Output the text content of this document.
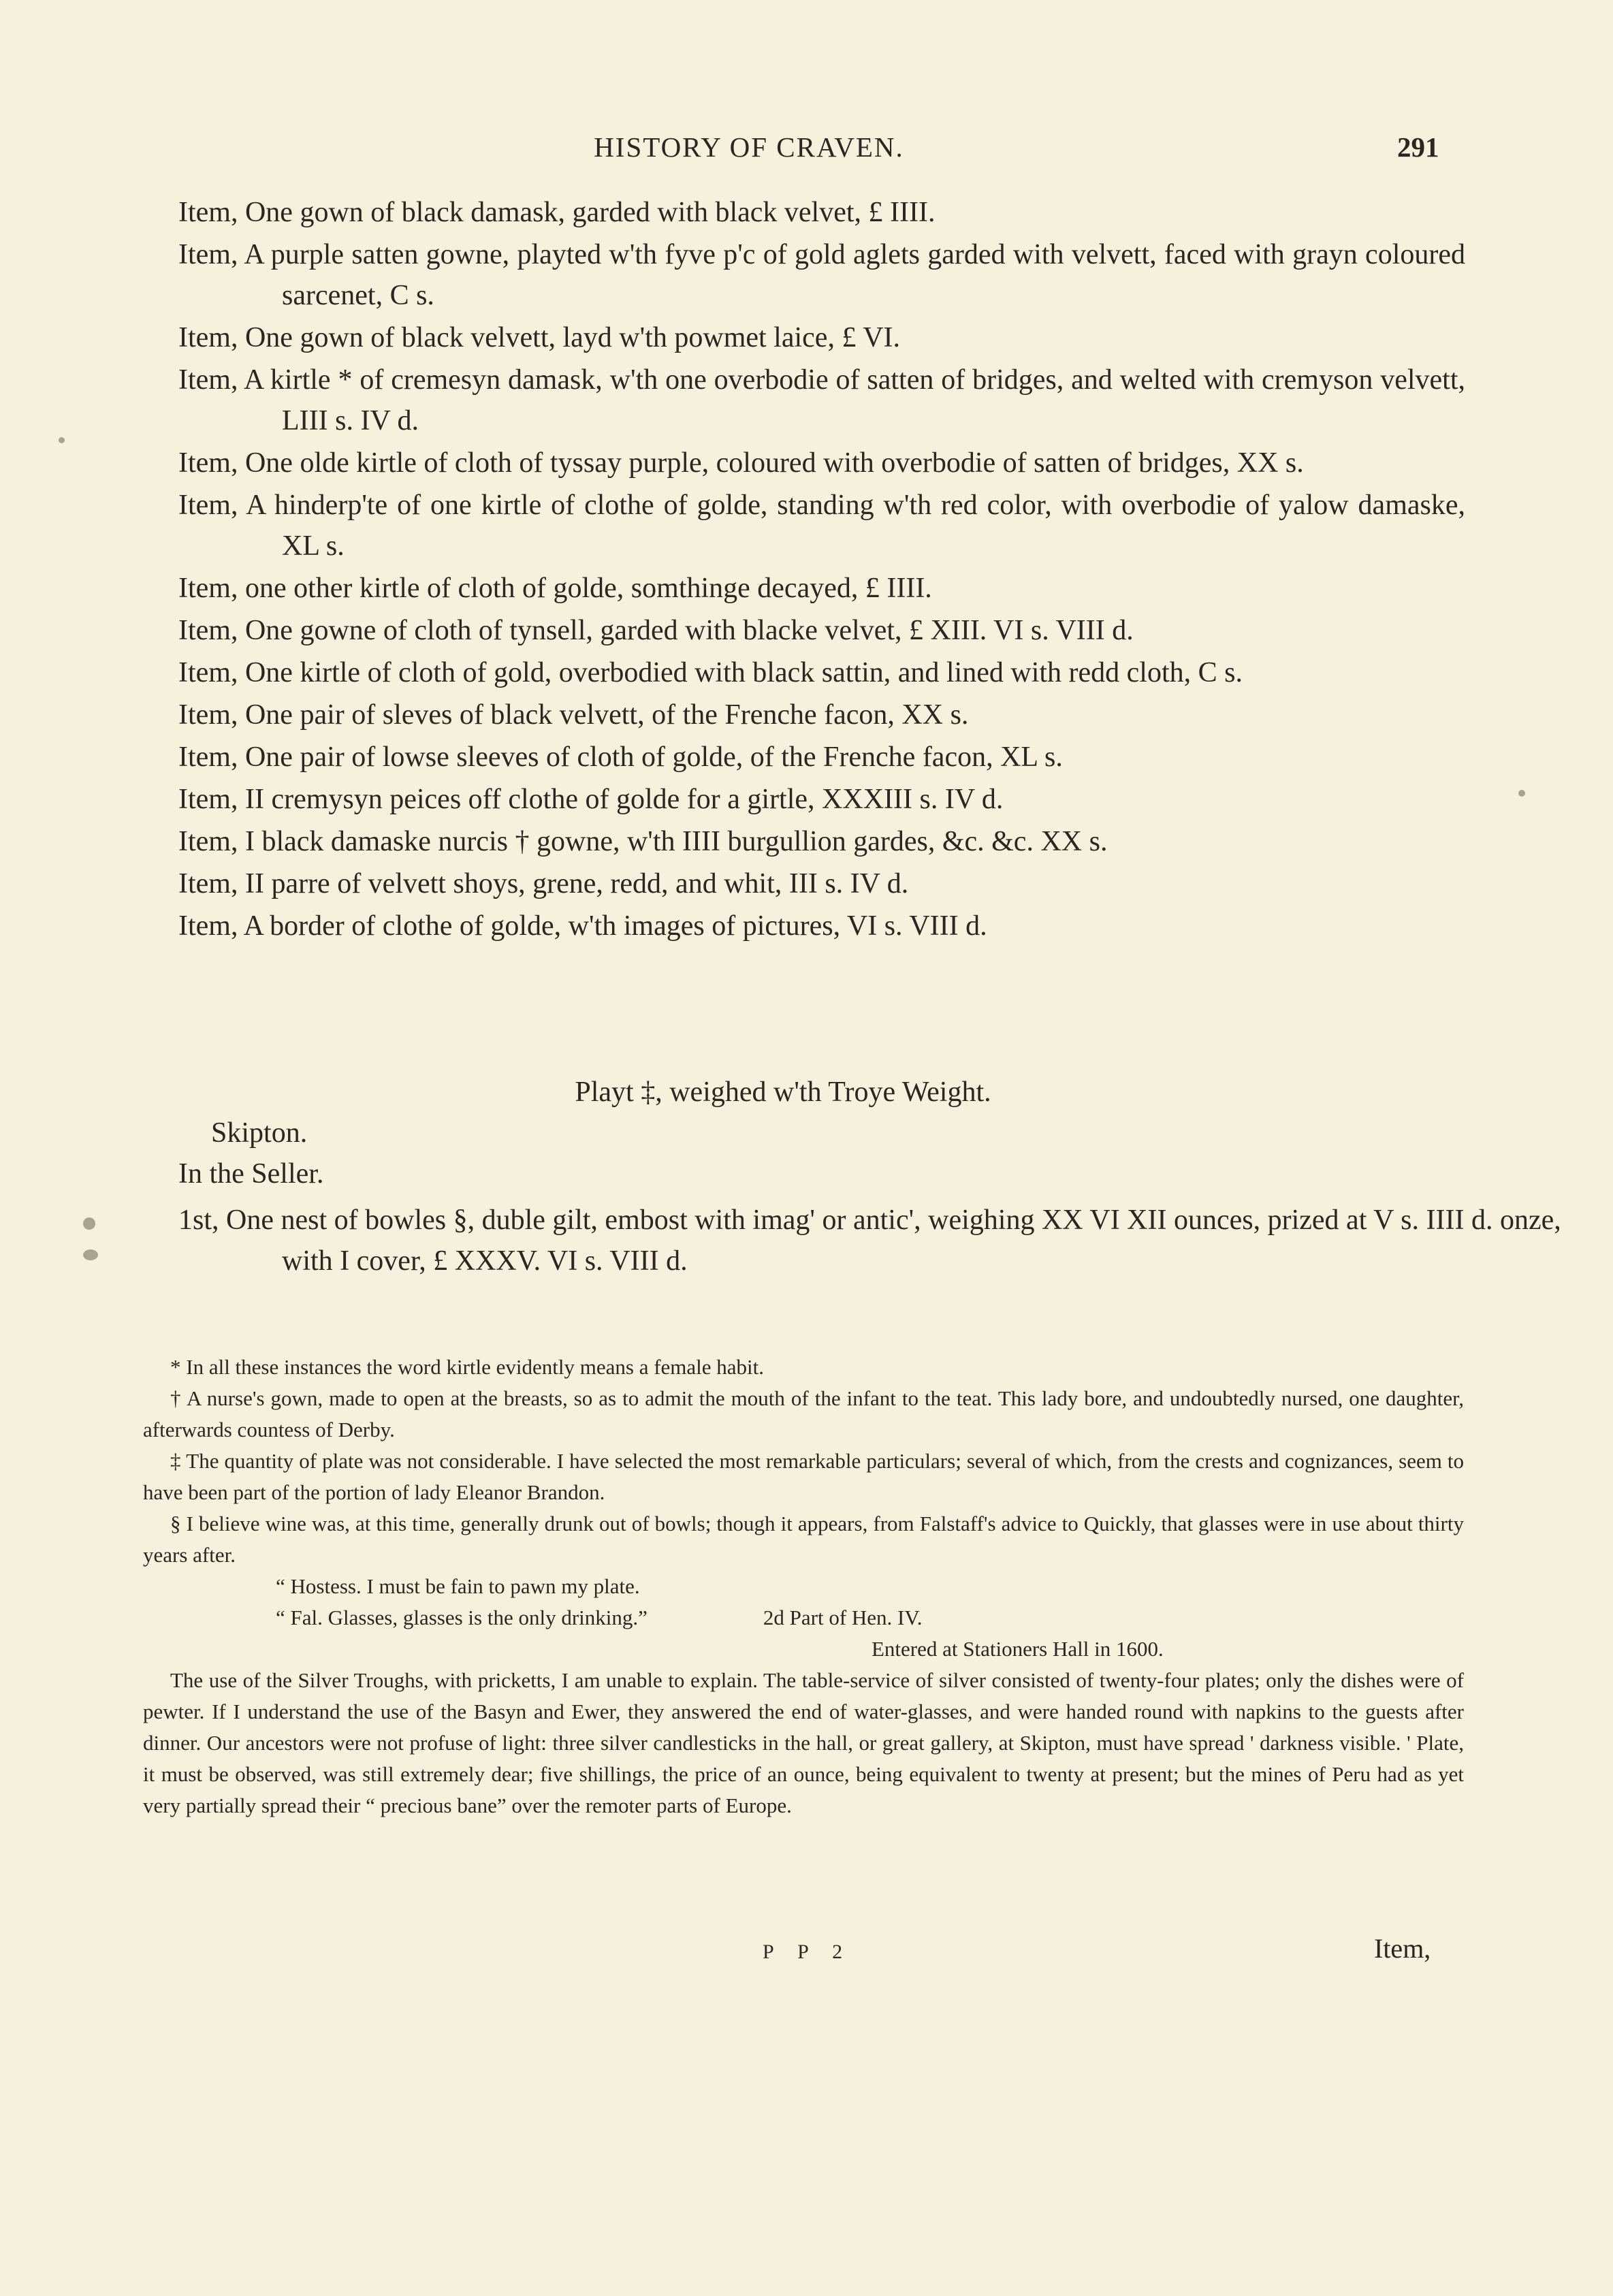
HISTORY OF CRAVEN.	291
Item, One gown of black damask, garded with black velvet, £ IIII.
Item, A purple satten gowne, playted w'th fyve p'c of gold aglets garded with velvett, faced with grayn coloured sarcenet, C s.
Item, One gown of black velvett, layd w'th powmet laice, £ VI.
Item, A kirtle * of cremesyn damask, w'th one overbodie of satten of bridges, and welted with cremyson velvett, LIII s. IV d.
Item, One olde kirtle of cloth of tyssay purple, coloured with overbodie of satten of bridges, XX s.
Item, A hinderp'te of one kirtle of clothe of golde, standing w'th red color, with overbodie of yalow damaske, XL s.
Item, one other kirtle of cloth of golde, somthinge decayed, £ IIII.
Item, One gowne of cloth of tynsell, garded with blacke velvet, £ XIII. VI s. VIII d.
Item, One kirtle of cloth of gold, overbodied with black sattin, and lined with redd cloth, C s.
Item, One pair of sleves of black velvett, of the Frenche facon, XX s.
Item, One pair of lowse sleeves of cloth of golde, of the Frenche facon, XL s.
Item, II cremysyn peices off clothe of golde for a girtle, XXXIII s. IV d.
Item, I black damaske nurcis † gowne, w'th IIII burgullion gardes, &c. &c. XX s.
Item, II parre of velvett shoys, grene, redd, and whit, III s. IV d.
Item, A border of clothe of golde, w'th images of pictures, VI s. VIII d.
Playt ‡, weighed w'th Troye Weight.
Skipton.
In the Seller.
1st, One nest of bowles §, duble gilt, embost with imag' or antic', weighing XX VI XII ounces, prized at V s. IIII d. onze, with I cover, £ XXXV. VI s. VIII d.
* In all these instances the word kirtle evidently means a female habit.
† A nurse's gown, made to open at the breasts, so as to admit the mouth of the infant to the teat. This lady bore, and undoubtedly nursed, one daughter, afterwards countess of Derby.
‡ The quantity of plate was not considerable. I have selected the most remarkable particulars; several of which, from the crests and cognizances, seem to have been part of the portion of lady Eleanor Brandon.
§ I believe wine was, at this time, generally drunk out of bowls; though it appears, from Falstaff's advice to Quickly, that glasses were in use about thirty years after.
“ Hostess. I must be fain to pawn my plate.
“ Fal. Glasses, glasses is the only drinking.”	2d Part of Hen. IV.
Entered at Stationers Hall in 1600.
The use of the Silver Troughs, with pricketts, I am unable to explain. The table-service of silver consisted of twenty-four plates; only the dishes were of pewter. If I understand the use of the Basyn and Ewer, they answered the end of water-glasses, and were handed round with napkins to the guests after dinner. Our ancestors were not profuse of light: three silver candlesticks in the hall, or great gallery, at Skipton, must have spread ' darkness visible. ' Plate, it must be observed, was still extremely dear; five shillings, the price of an ounce, being equivalent to twenty at present; but the mines of Peru had as yet very partially spread their “ precious bane” over the remoter parts of Europe.
P P 2	Item,
